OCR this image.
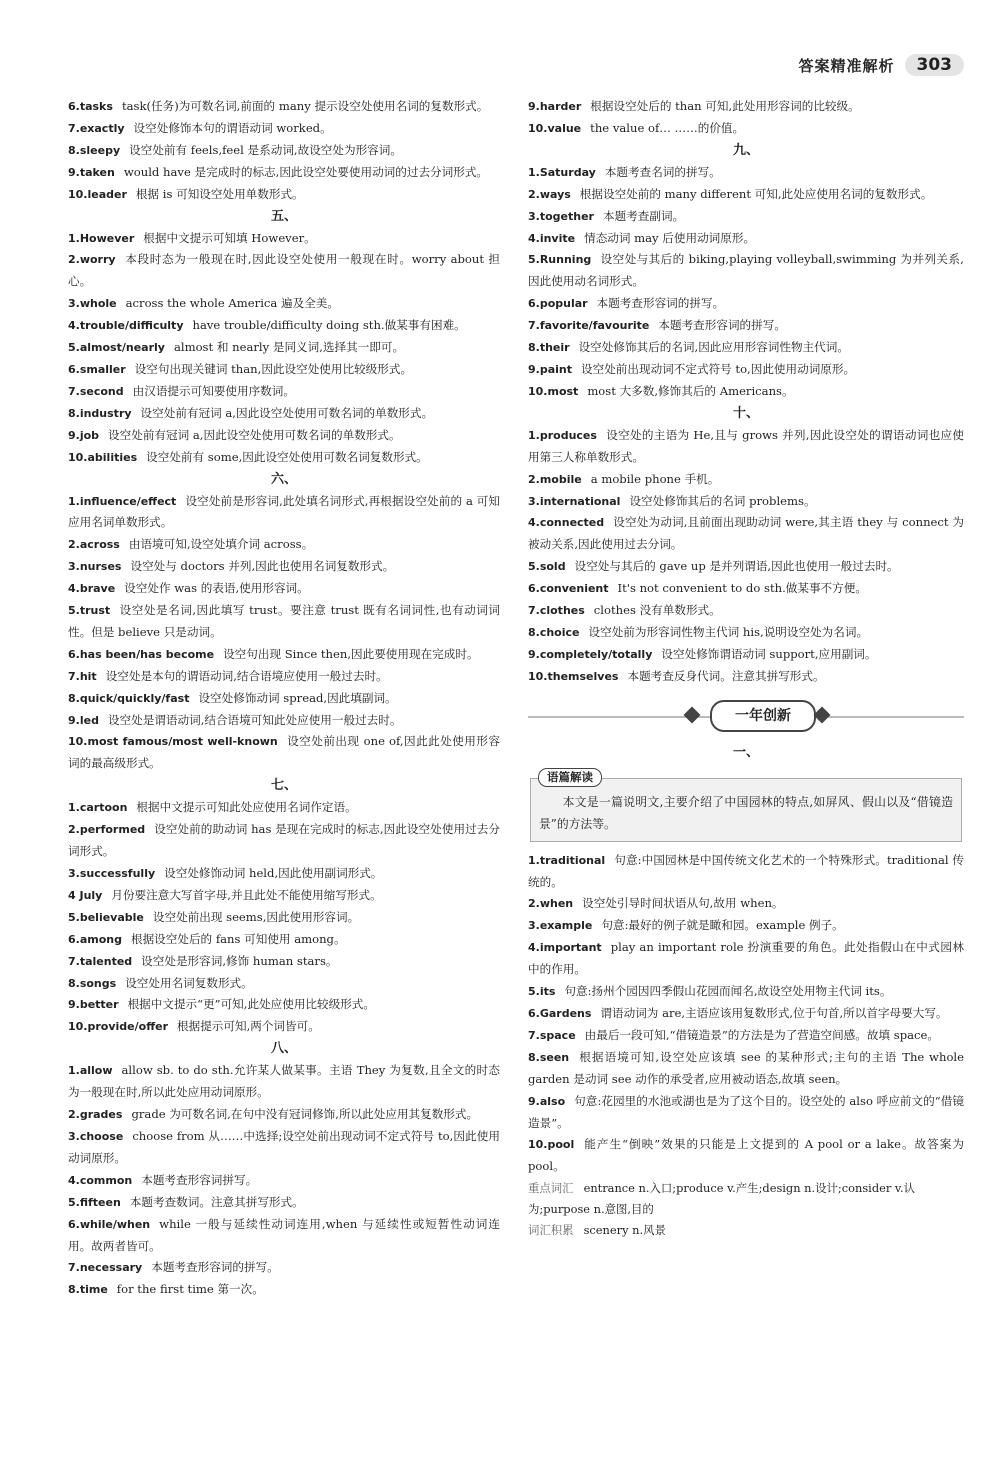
答案精准解析	303

6.tasks task(任务)为可数名词,前面的 many 提示设空处使用名词的复数形式。

7.exactly 设空处修饰本句的谓语动词 worked。

8.sleepy 设空处前有 feels,feel 是系动词,故设空处为形容词。

9.taken would have 是完成时的标志,因此设空处要使用动词的过去分词形式。

10.leader 根据 is 可知设空处用单数形式。

五、

1.However 根据中文提示可知填 However。

2.worry 本段时态为一般现在时,因此设空处使用一般现在时。worry about 担心。

3.whole across the whole America 遍及全美。

4.trouble/difficulty have trouble/difficulty doing sth.做某事有困难。

5.almost/nearly almost 和 nearly 是同义词,选择其一即可。

6.smaller 设空句出现关键词 than,因此设空处使用比较级形式。

7.second 由汉语提示可知要使用序数词。

8.industry 设空处前有冠词 a,因此设空处使用可数名词的单数形式。

9.job 设空处前有冠词 a,因此设空处使用可数名词的单数形式。

10.abilities 设空处前有 some,因此设空处使用可数名词复数形式。

六、

1.influence/effect 设空处前是形容词,此处填名词形式,再根据设空处前的 a 可知应用名词单数形式。

2.across 由语境可知,设空处填介词 across。

3.nurses 设空处与 doctors 并列,因此也使用名词复数形式。

4.brave 设空处作 was 的表语,使用形容词。

5.trust 设空处是名词,因此填写 trust。要注意 trust 既有名词词性,也有动词词性。但是 believe 只是动词。

6.has been/has become 设空句出现 Since then,因此要使用现在完成时。

7.hit 设空处是本句的谓语动词,结合语境应使用一般过去时。

8.quick/quickly/fast 设空处修饰动词 spread,因此填副词。

9.led 设空处是谓语动词,结合语境可知此处应使用一般过去时。

10.most famous/most well-known 设空处前出现 one of,因此此处使用形容词的最高级形式。

七、

1.cartoon 根据中文提示可知此处应使用名词作定语。

2.performed 设空处前的助动词 has 是现在完成时的标志,因此设空处使用过去分词形式。

3.successfully 设空处修饰动词 held,因此使用副词形式。

4 July 月份要注意大写首字母,并且此处不能使用缩写形式。

5.believable 设空处前出现 seems,因此使用形容词。

6.among 根据设空处后的 fans 可知使用 among。

7.talented 设空处是形容词,修饰 human stars。

8.songs 设空处用名词复数形式。

9.better 根据中文提示“更”可知,此处应使用比较级形式。

10.provide/offer 根据提示可知,两个词皆可。

八、

1.allow allow sb. to do sth.允许某人做某事。主语 They 为复数,且全文的时态为一般现在时,所以此处应用动词原形。

2.grades grade 为可数名词,在句中没有冠词修饰,所以此处应用其复数形式。

3.choose choose from 从……中选择;设空处前出现动词不定式符号 to,因此使用动词原形。

4.common 本题考查形容词拼写。

5.fifteen 本题考查数词。注意其拼写形式。

6.while/when while 一般与延续性动词连用,when 与延续性或短暂性动词连用。故两者皆可。

7.necessary 本题考查形容词的拼写。

8.time for the first time 第一次。

9.harder 根据设空处后的 than 可知,此处用形容词的比较级。

10.value the value of… ……的价值。

九、

1.Saturday 本题考查名词的拼写。

2.ways 根据设空处前的 many different 可知,此处应使用名词的复数形式。

3.together 本题考查副词。

4.invite 情态动词 may 后使用动词原形。

5.Running 设空处与其后的 biking,playing volleyball,swimming 为并列关系,因此使用动名词形式。

6.popular 本题考查形容词的拼写。

7.favorite/favourite 本题考查形容词的拼写。

8.their 设空处修饰其后的名词,因此应用形容词性物主代词。

9.paint 设空处前出现动词不定式符号 to,因此使用动词原形。

10.most most 大多数,修饰其后的 Americans。

十、

1.produces 设空处的主语为 He,且与 grows 并列,因此设空处的谓语动词也应使用第三人称单数形式。

2.mobile a mobile phone 手机。

3.international 设空处修饰其后的名词 problems。

4.connected 设空处为动词,且前面出现助动词 were,其主语 they 与 connect 为被动关系,因此使用过去分词。

5.sold 设空处与其后的 gave up 是并列谓语,因此也使用一般过去时。

6.convenient It's not convenient to do sth.做某事不方便。

7.clothes clothes 没有单数形式。

8.choice 设空处前为形容词性物主代词 his,说明设空处为名词。

9.completely/totally 设空处修饰谓语动词 support,应用副词。

10.themselves 本题考查反身代词。注意其拼写形式。

一年创新

一、

语篇解读
本文是一篇说明文,主要介绍了中国园林的特点,如屏风、假山以及“借镜造景”的方法等。

1.traditional 句意:中国园林是中国传统文化艺术的一个特殊形式。traditional 传统的。

2.when 设空处引导时间状语从句,故用 when。

3.example 句意:最好的例子就是瞰和园。example 例子。

4.important play an important role 扮演重要的角色。此处指假山在中式园林中的作用。

5.its 句意:扬州个园因四季假山花园而闻名,故设空处用物主代词 its。

6.Gardens 谓语动词为 are,主语应该用复数形式,位于句首,所以首字母要大写。

7.space 由最后一段可知,“借镜造景”的方法是为了营造空间感。故填 space。

8.seen 根据语境可知,设空处应该填 see 的某种形式;主句的主语 The whole garden 是动词 see 动作的承受者,应用被动语态,故填 seen。

9.also 句意:花园里的水池或湖也是为了这个目的。设空处的 also 呼应前文的“借镜造景”。

10.pool 能产生“倒映”效果的只能是上文提到的 A pool or a lake。故答案为 pool。

重点词汇 entrance n.入口;produce v.产生;design n.设计;consider v.认为;purpose n.意图,目的

词汇积累 scenery n.风景
